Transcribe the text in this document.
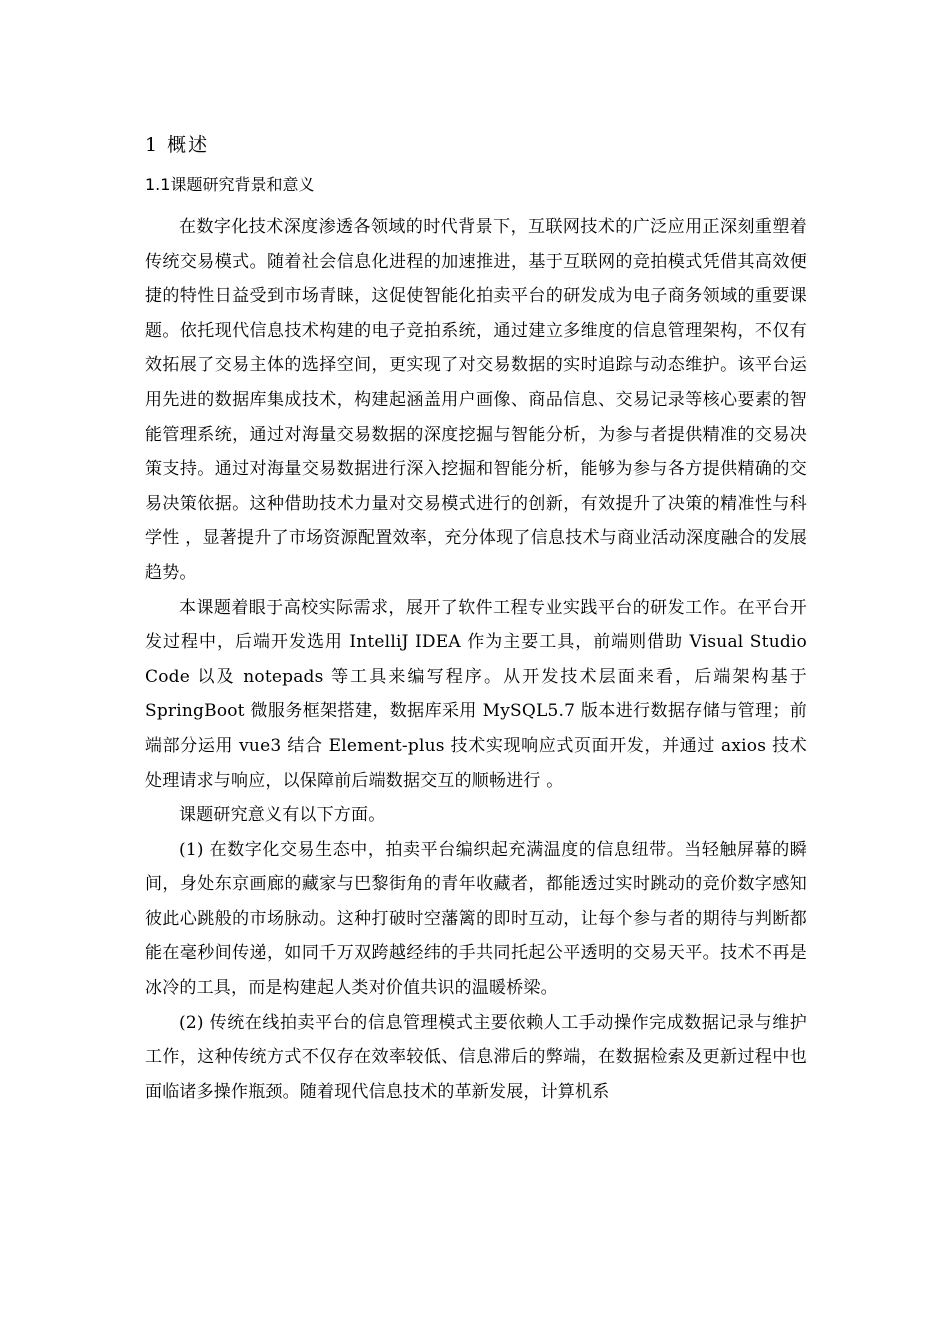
1 概述
1.1课题研究背景和意义

在数字化技术深度渗透各领域的时代背景下，互联网技术的广泛应用正深刻重塑着传统交易模式。随着社会信息化进程的加速推进，基于互联网的竞拍模式凭借其高效便捷的特性日益受到市场青睐，这促使智能化拍卖平台的研发成为电子商务领域的重要课题。依托现代信息技术构建的电子竞拍系统，通过建立多维度的信息管理架构，不仅有效拓展了交易主体的选择空间，更实现了对交易数据的实时追踪与动态维护。该平台运用先进的数据库集成技术，构建起涵盖用户画像、商品信息、交易记录等核心要素的智能管理系统，通过对海量交易数据的深度挖掘与智能分析，为参与者提供精准的交易决策支持。通过对海量交易数据进行深入挖掘和智能分析，能够为参与各方提供精确的交易决策依据。这种借助技术力量对交易模式进行的创新，有效提升了决策的精准性与科学性 ，显著提升了市场资源配置效率，充分体现了信息技术与商业活动深度融合的发展趋势。

本课题着眼于高校实际需求，展开了软件工程专业实践平台的研发工作。在平台开发过程中，后端开发选用 IntelliJ IDEA 作为主要工具，前端则借助 Visual Studio Code 以及 notepads 等工具来编写程序。从开发技术层面来看，后端架构基于 SpringBoot 微服务框架搭建，数据库采用 MySQL5.7 版本进行数据存储与管理；前端部分运用 vue3 结合 Element-plus 技术实现响应式页面开发，并通过 axios 技术处理请求与响应，以保障前后端数据交互的顺畅进行 。

课题研究意义有以下方面。

(1) 在数字化交易生态中，拍卖平台编织起充满温度的信息纽带。当轻触屏幕的瞬间，身处东京画廊的藏家与巴黎街角的青年收藏者，都能透过实时跳动的竞价数字感知彼此心跳般的市场脉动。这种打破时空藩篱的即时互动，让每个参与者的期待与判断都能在毫秒间传递，如同千万双跨越经纬的手共同托起公平透明的交易天平。技术不再是冰冷的工具，而是构建起人类对价值共识的温暖桥梁。

(2) 传统在线拍卖平台的信息管理模式主要依赖人工手动操作完成数据记录与维护工作，这种传统方式不仅存在效率较低、信息滞后的弊端，在数据检索及更新过程中也面临诸多操作瓶颈。随着现代信息技术的革新发展，计算机系
